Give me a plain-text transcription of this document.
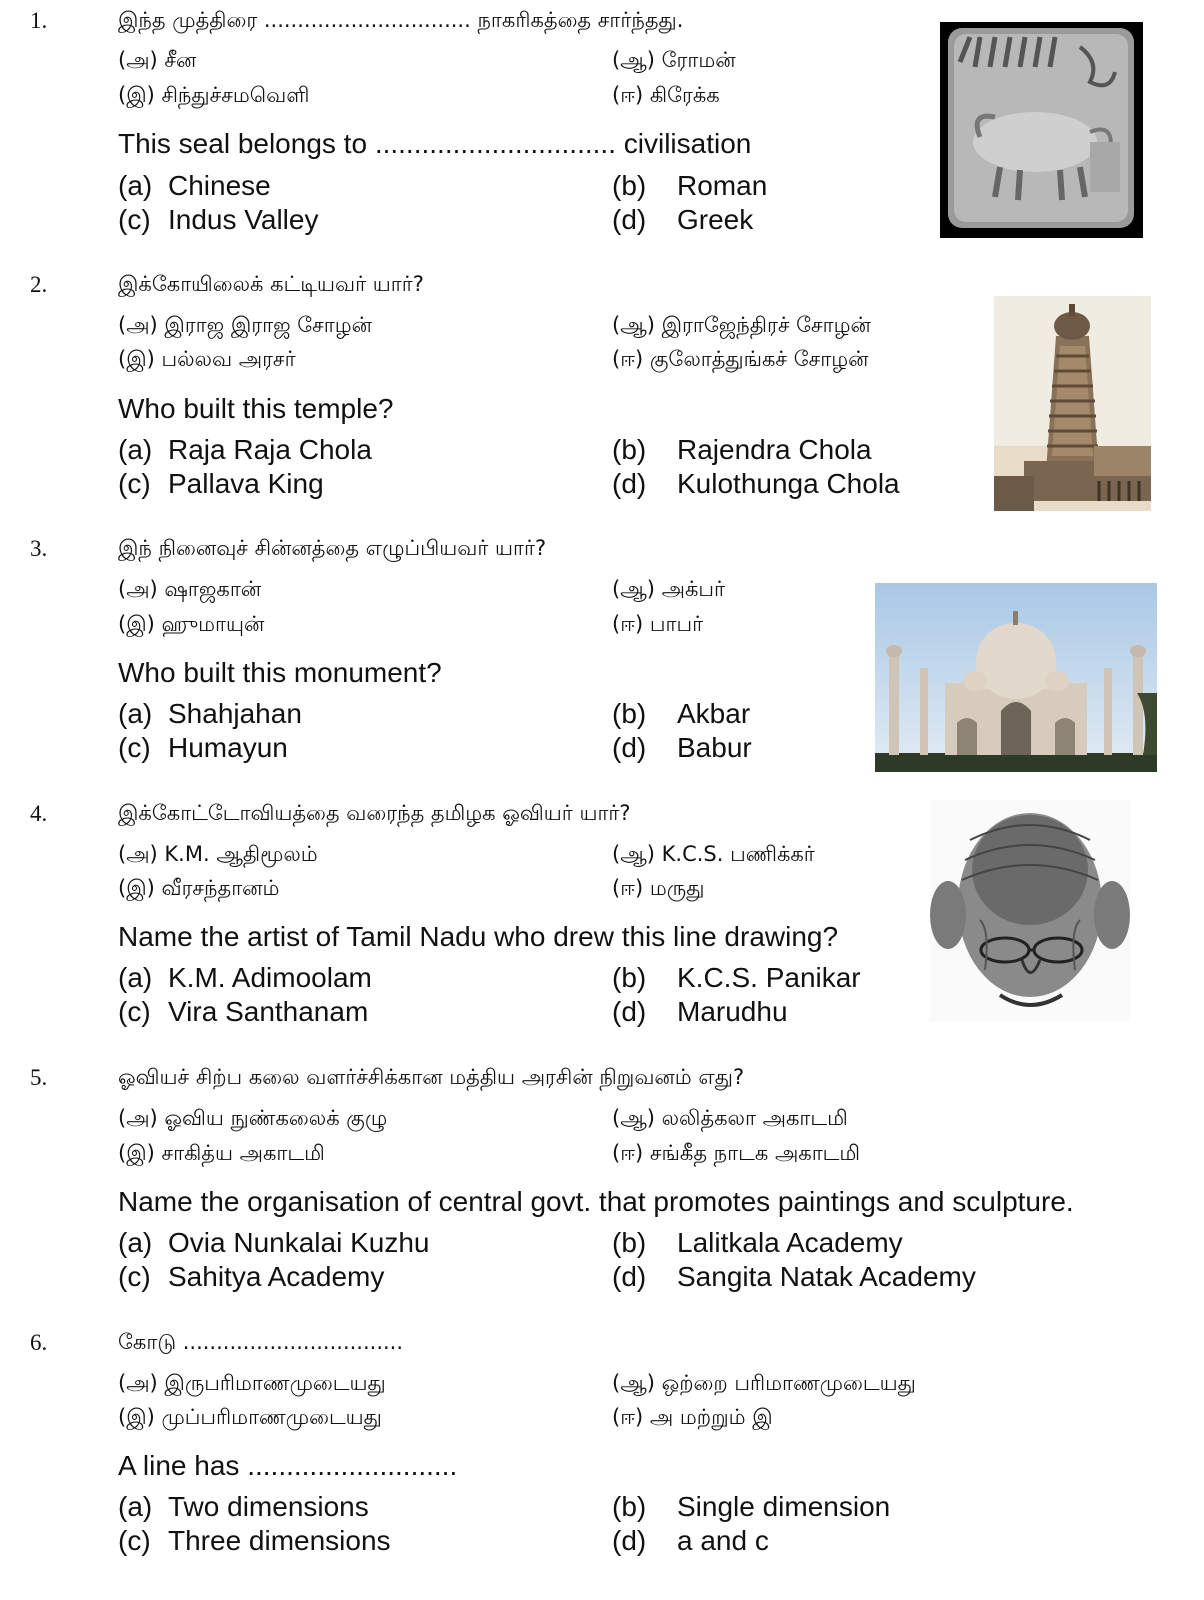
1.	இந்த முத்திரை ............................... நாகரிகத்தை சார்ந்தது.
(அ) சீன	(ஆ) ரோமன்
(இ) சிந்துச்சமவெளி	(ஈ) கிரேக்க
This seal belongs to ............................... civilisation
(a) Chinese	(b) Roman
(c) Indus Valley	(d) Greek
2.	இக்கோயிலைக் கட்டியவர் யார்?
(அ) இராஜ இராஜ சோழன்	(ஆ) இராஜேந்திரச் சோழன்
(இ) பல்லவ அரசர்	(ஈ) குலோத்துங்கச் சோழன்
Who built this temple?
(a) Raja Raja Chola	(b) Rajendra Chola
(c) Pallava King	(d) Kulothunga Chola
3.	இந் நினைவுச் சின்னத்தை எழுப்பியவர் யார்?
(அ) ஷாஜகான்	(ஆ) அக்பர்
(இ) ஹுமாயுன்	(ஈ) பாபர்
Who built this monument?
(a) Shahjahan	(b) Akbar
(c) Humayun	(d) Babur
4.	இக்கோட்டோவியத்தை வரைந்த தமிழக ஓவியர் யார்?
(அ) K.M. ஆதிமூலம்	(ஆ) K.C.S. பணிக்கர்
(இ) வீரசந்தானம்	(ஈ) மருது
Name the artist of Tamil Nadu who drew this line drawing?
(a) K.M. Adimoolam	(b) K.C.S. Panikar
(c) Vira Santhanam	(d) Marudhu
5.	ஓவியச் சிற்ப கலை வளர்ச்சிக்கான மத்திய அரசின் நிறுவனம் எது?
(அ) ஓவிய நுண்கலைக் குழு	(ஆ) லலித்கலா அகாடமி
(இ) சாகித்ய அகாடமி	(ஈ) சங்கீத நாடக அகாடமி
Name the organisation of central govt. that promotes paintings and sculpture.
(a) Ovia Nunkalai Kuzhu	(b) Lalitkala Academy
(c) Sahitya Academy	(d) Sangita Natak Academy
6.	கோடு .................................
(அ) இருபரிமாணமுடையது	(ஆ) ஒற்றை பரிமாணமுடையது
(இ) முப்பரிமாணமுடையது	(ஈ) அ மற்றும் இ
A line has ...........................
(a) Two dimensions	(b) Single dimension
(c) Three dimensions	(d) a and c
